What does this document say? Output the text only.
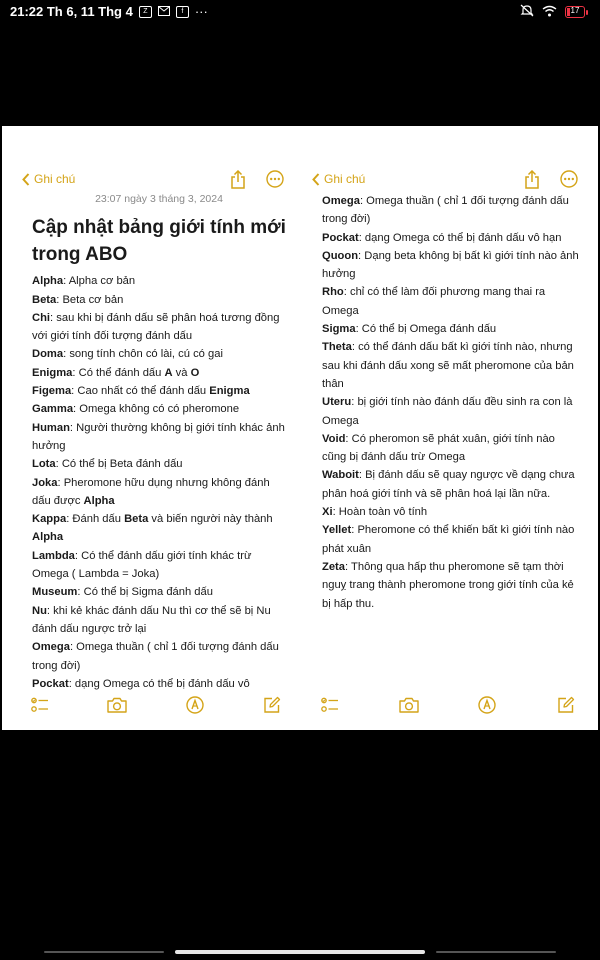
21:22 Th 6, 11 Thg 4	Z	f ···	17
Ghi chú
23:07 ngày 3 tháng 3, 2024
Cập nhật bảng giới tính mới trong ABO

Alpha: Alpha cơ bản

Beta: Beta cơ bản

Chi: sau khi bị đánh dấu sẽ phân hoá tương đồng với giới tính đối tượng đánh dấu

Doma: song tính chôn có lài, cú có gai

Enigma: Có thể đánh dấu A và O

Figema: Cao nhất có thể đánh dấu Enigma

Gamma: Omega không có có pheromone

Human: Người thường không bị giới tính khác ảnh hưởng

Lota: Có thể bị Beta đánh dấu

Joka: Pheromone hữu dụng nhưng không đánh dấu được Alpha

Kappa: Đánh dấu Beta và biến người này thành Alpha

Lambda: Có thể đánh dấu giới tính khác trừ Omega ( Lambda = Joka)

Museum: Có thể bị Sigma đánh dấu

Nu: khi kẻ khác đánh dấu Nu thì cơ thể sẽ bị Nu đánh dấu ngược trở lại

Omega: Omega thuần ( chỉ 1 đối tượng đánh dấu trong đời)

Pockat: dạng Omega có thể bị đánh dấu vô

Ghi chú

Omega: Omega thuần ( chỉ 1 đối tượng đánh dấu trong đời)

Pockat: dạng Omega có thể bị đánh dấu vô hạn

Quoon: Dạng beta không bị bất kì giới tính nào ảnh hưởng

Rho: chỉ có thể làm đối phương mang thai ra Omega

Sigma: Có thể bị Omega đánh dấu

Theta: có thể đánh dấu bất kì giới tính nào, nhưng sau khi đánh dấu xong sẽ mất pheromone của bản thân

Uteru: bị giới tính nào đánh dấu đều sinh ra con là Omega

Void: Có pheromon sẽ phát xuân, giới tính nào cũng bị đánh dấu trừ Omega

Waboit: Bị đánh dấu sẽ quay ngược về dạng chưa phân hoá giới tính và sẽ phân hoá lại lần nữa.

Xi: Hoàn toàn vô tính

Yellet: Pheromone có thể khiến bất kì giới tính nào phát xuân

Zeta: Thông qua hấp thu pheromone sẽ tạm thời nguỵ trang thành pheromone trong giới tính của kẻ bị hấp thu.
